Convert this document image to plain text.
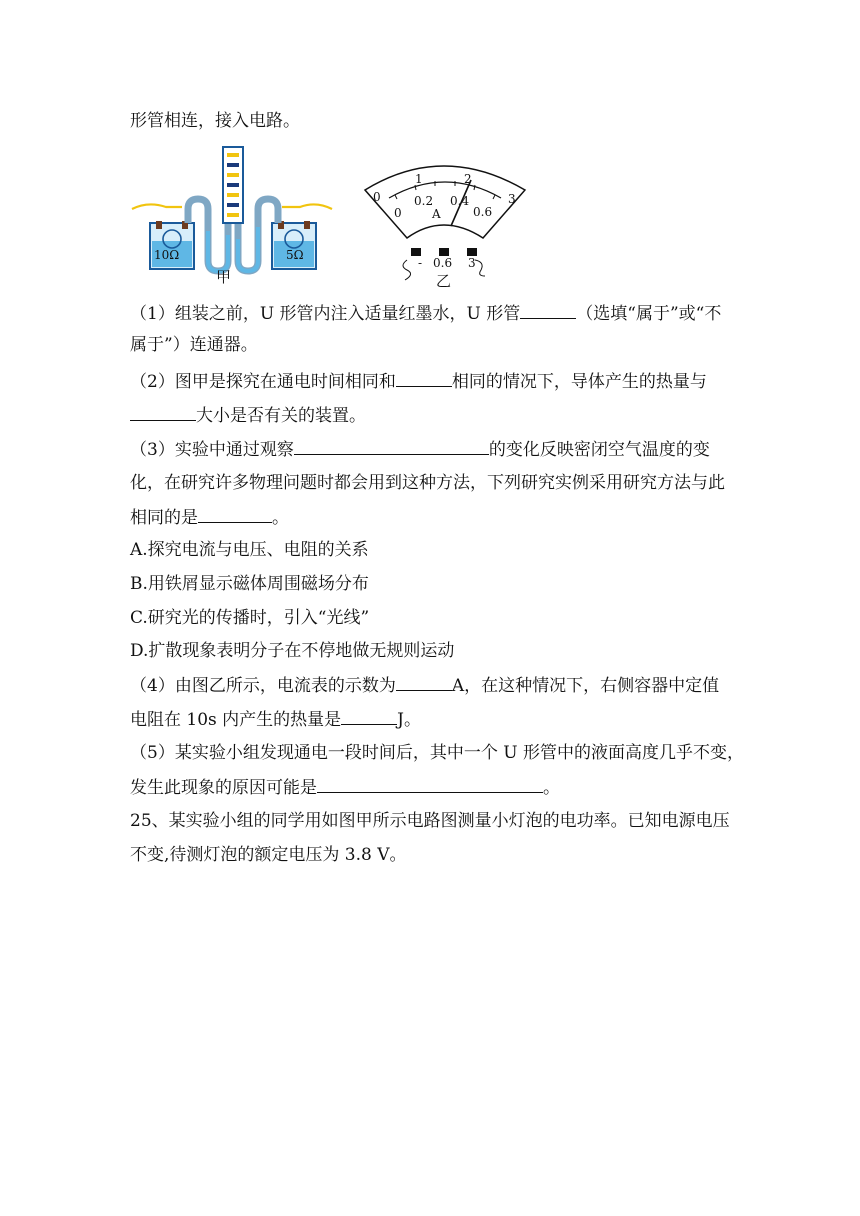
形管相连，接入电路。
10Ω	5Ω
甲
0
1	2
3
0
0.2 0.4
0.6
A
- 0.6 3
乙
（1）组装之前，U 形管内注入适量红墨水，U 形管	（选填“属于”或“不
属于”）连通器。
（2）图甲是探究在通电时间相同和	相同的情况下，导体产生的热量与
大小是否有关的装置。
（3）实验中通过观察	的变化反映密闭空气温度的变
化，在研究许多物理问题时都会用到这种方法，下列研究实例采用研究方法与此
相同的是	。
A.探究电流与电压、电阻的关系
B.用铁屑显示磁体周围磁场分布
C.研究光的传播时，引入“光线”
D.扩散现象表明分子在不停地做无规则运动
（4）由图乙所示，电流表的示数为	A，在这种情况下，右侧容器中定值
电阻在 10s 内产生的热量是	J。
（5）某实验小组发现通电一段时间后，其中一个 U 形管中的液面高度几乎不变，
发生此现象的原因可能是	。
25、某实验小组的同学用如图甲所示电路图测量小灯泡的电功率。已知电源电压
不变,待测灯泡的额定电压为 3.8 V。
